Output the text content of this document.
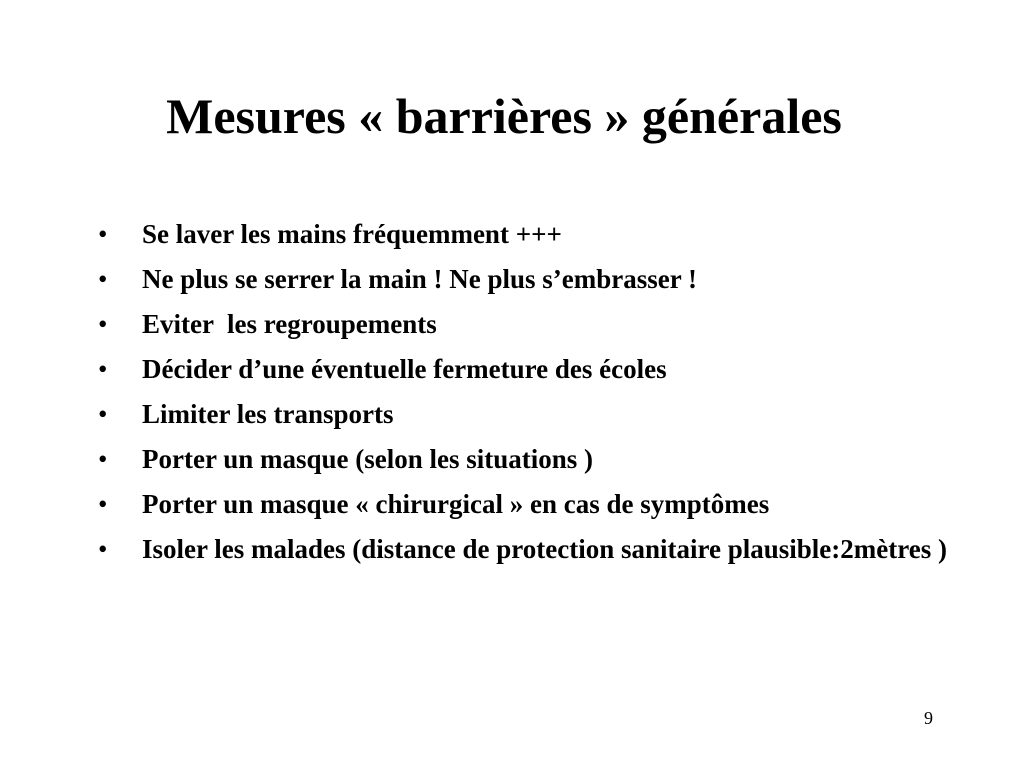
Mesures « barrières » générales
• Se laver les mains fréquemment +++
• Ne plus se serrer la main ! Ne plus s’embrasser !
• Eviter  les regroupements
• Décider d’une éventuelle fermeture des écoles
• Limiter les transports
• Porter un masque (selon les situations )
• Porter un masque « chirurgical » en cas de symptômes
• Isoler les malades (distance de protection sanitaire plausible:2mètres )
9
